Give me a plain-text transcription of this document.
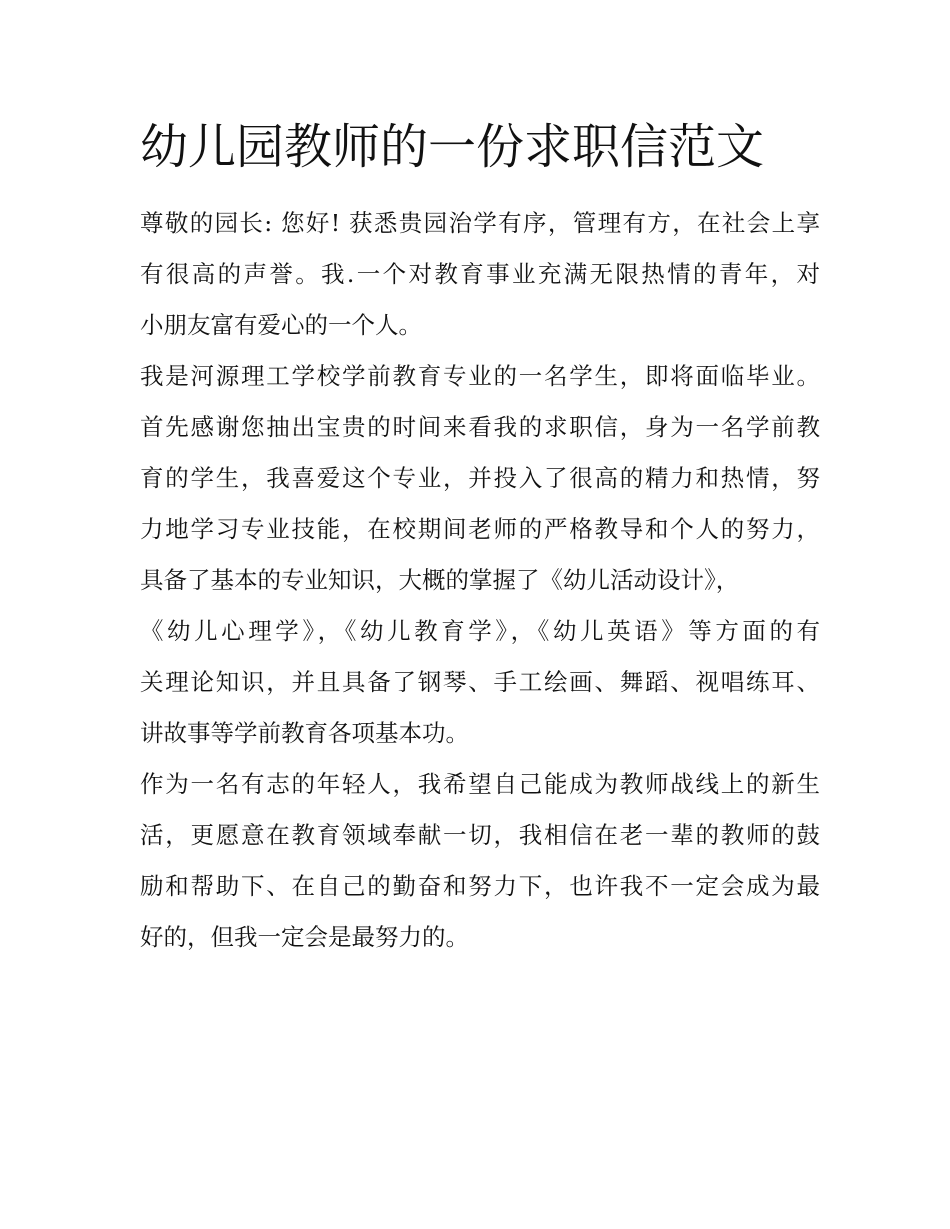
幼儿园教师的一份求职信范文
尊敬的园长: 您好! 获悉贵园治学有序，管理有方，在社会上享
有很高的声誉。我.一个对教育事业充满无限热情的青年，对
小朋友富有爱心的一个人。
我是河源理工学校学前教育专业的一名学生，即将面临毕业。
首先感谢您抽出宝贵的时间来看我的求职信，身为一名学前教
育的学生，我喜爱这个专业，并投入了很高的精力和热情，努
力地学习专业技能，在校期间老师的严格教导和个人的努力，
具备了基本的专业知识，大概的掌握了《幼儿活动设计》，
《幼儿心理学》，《幼儿教育学》，《幼儿英语》等方面的有
关理论知识，并且具备了钢琴、手工绘画、舞蹈、视唱练耳、
讲故事等学前教育各项基本功。
作为一名有志的年轻人，我希望自己能成为教师战线上的新生
活，更愿意在教育领域奉献一切，我相信在老一辈的教师的鼓
励和帮助下、在自己的勤奋和努力下，也许我不一定会成为最
好的，但我一定会是最努力的。
